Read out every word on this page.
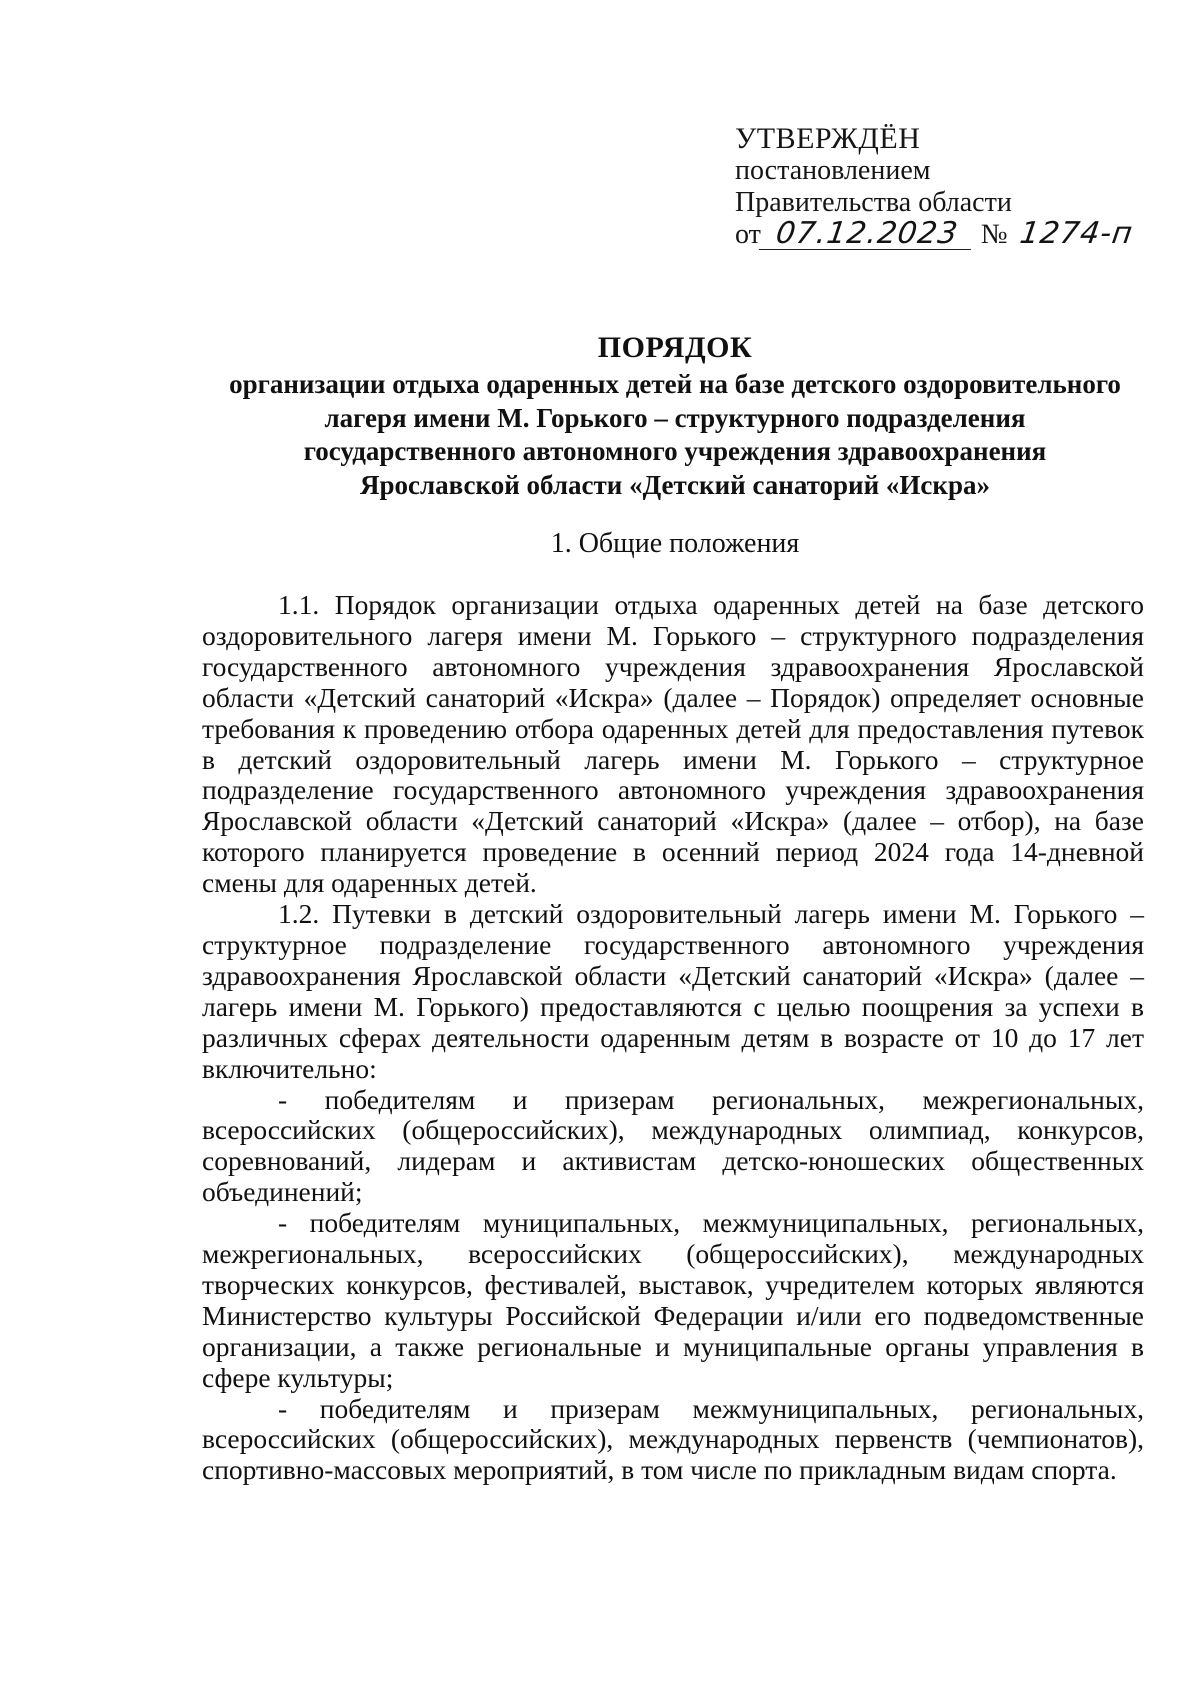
УТВЕРЖДЁН
постановлением
Правительства области
от 07.12.2023 № 1274-п
ПОРЯДОК
организации отдыха одаренных детей на базе детского оздоровительного
лагеря имени М. Горького – структурного подразделения
государственного автономного учреждения здравоохранения
Ярославской области «Детский санаторий «Искра»
1. Общие положения

1.1. Порядок организации отдыха одаренных детей на базе детского оздоровительного лагеря имени М. Горького – структурного подразделения государственного автономного учреждения здравоохранения Ярославской области «Детский санаторий «Искра» (далее – Порядок) определяет основные требования к проведению отбора одаренных детей для предоставления путевок в детский оздоровительный лагерь имени М. Горького – структурное подразделение государственного автономного учреждения здравоохранения Ярославской области «Детский санаторий «Искра» (далее – отбор), на базе которого планируется проведение в осенний период 2024 года 14-дневной смены для одаренных детей.

1.2. Путевки в детский оздоровительный лагерь имени М. Горького – структурное подразделение государственного автономного учреждения здравоохранения Ярославской области «Детский санаторий «Искра» (далее – лагерь имени М. Горького) предоставляются с целью поощрения за успехи в различных сферах деятельности одаренным детям в возрасте от 10 до 17 лет включительно:

- победителям и призерам региональных, межрегиональных, всероссийских (общероссийских), международных олимпиад, конкурсов, соревнований, лидерам и активистам детско-юношеских общественных объединений;

- победителям муниципальных, межмуниципальных, региональных, межрегиональных, всероссийских (общероссийских), международных творческих конкурсов, фестивалей, выставок, учредителем которых являются Министерство культуры Российской Федерации и/или его подведомственные организации, а также региональные и муниципальные органы управления в сфере культуры;

- победителям и призерам межмуниципальных, региональных, всероссийских (общероссийских), международных первенств (чемпионатов), спортивно-массовых мероприятий, в том числе по прикладным видам спорта.
